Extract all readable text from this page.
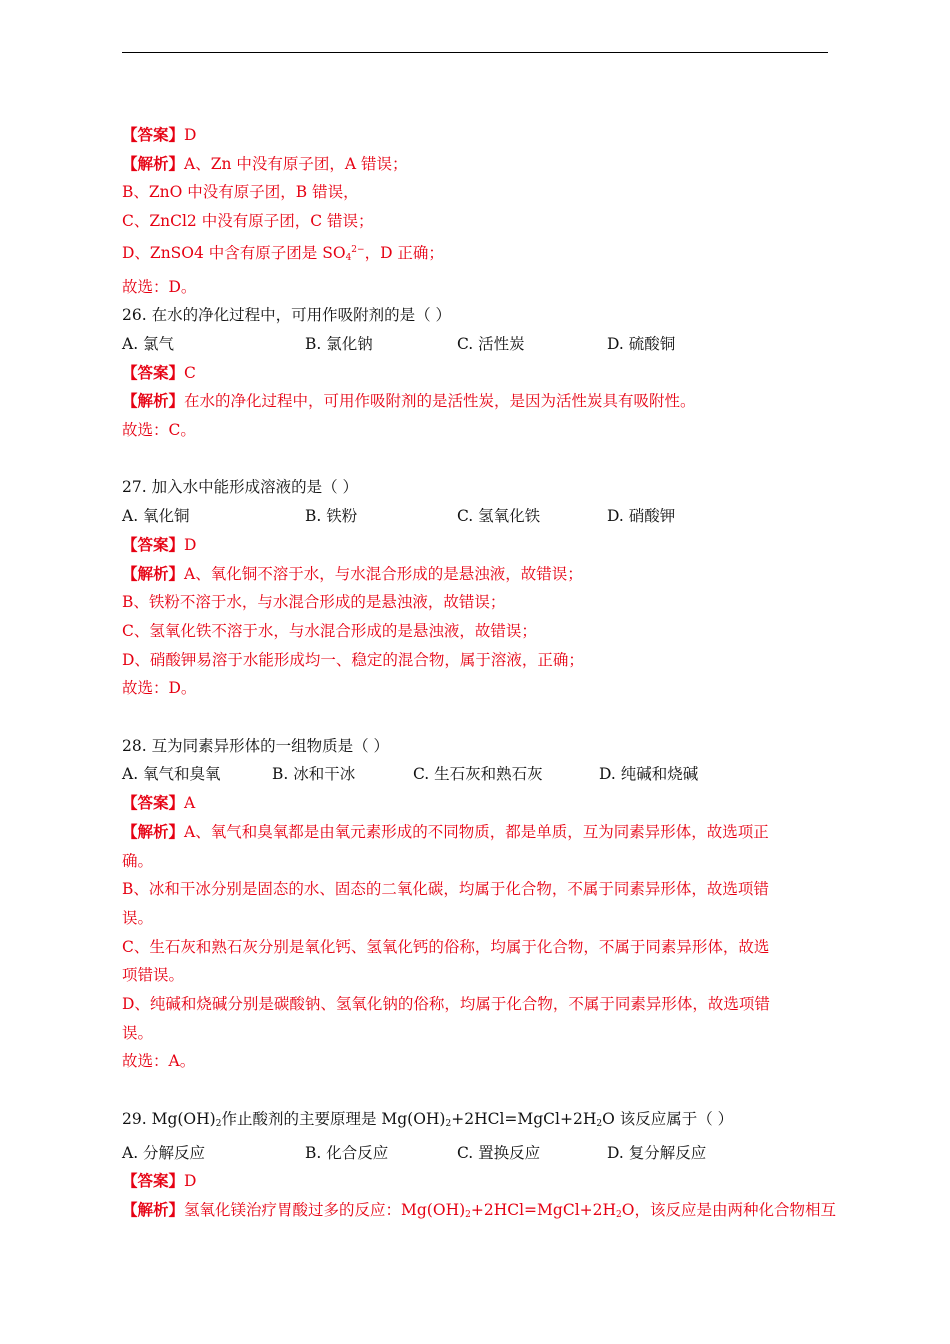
【答案】D
【解析】A、Zn 中没有原子团，A 错误；
B、ZnO 中没有原子团，B 错误，
C、ZnCl2 中没有原子团，C 错误；
D、ZnSO4 中含有原子团是 $SO_4^{2-}$，D 正确；
故选：D。
26. 在水的净化过程中，可用作吸附剂的是（ ）
A. 氯气	B. 氯化钠	C. 活性炭	D. 硫酸铜
【答案】C
【解析】在水的净化过程中，可用作吸附剂的是活性炭，是因为活性炭具有吸附性。
故选：C。
27. 加入水中能形成溶液的是（ ）
A. 氧化铜	B. 铁粉	C. 氢氧化铁	D. 硝酸钾
【答案】D
【解析】A、氧化铜不溶于水，与水混合形成的是悬浊液，故错误；
B、铁粉不溶于水，与水混合形成的是悬浊液，故错误；
C、氢氧化铁不溶于水，与水混合形成的是悬浊液，故错误；
D、硝酸钾易溶于水能形成均一、稳定的混合物，属于溶液，正确；
故选：D。
28. 互为同素异形体的一组物质是（ ）
A. 氧气和臭氧	B. 冰和干冰	C. 生石灰和熟石灰	D. 纯碱和烧碱
【答案】A
【解析】A、氧气和臭氧都是由氧元素形成的不同物质，都是单质，互为同素异形体，故选项正
确。
B、冰和干冰分别是固态的水、固态的二氧化碳，均属于化合物，不属于同素异形体，故选项错
误。
C、生石灰和熟石灰分别是氧化钙、氢氧化钙的俗称，均属于化合物，不属于同素异形体，故选
项错误。
D、纯碱和烧碱分别是碳酸钠、氢氧化钠的俗称，均属于化合物，不属于同素异形体，故选项错
误。
故选：A。
29. $Mg(OH)_2$作止酸剂的主要原理是 $Mg(OH)_2+2HCl=MgCl+2H_2O$ 该反应属于（ ）
A. 分解反应	B. 化合反应	C. 置换反应	D. 复分解反应
【答案】D
【解析】氢氧化镁治疗胃酸过多的反应：$Mg(OH)_2+2HCl=MgCl+2H_2O$，该反应是由两种化合物相互
